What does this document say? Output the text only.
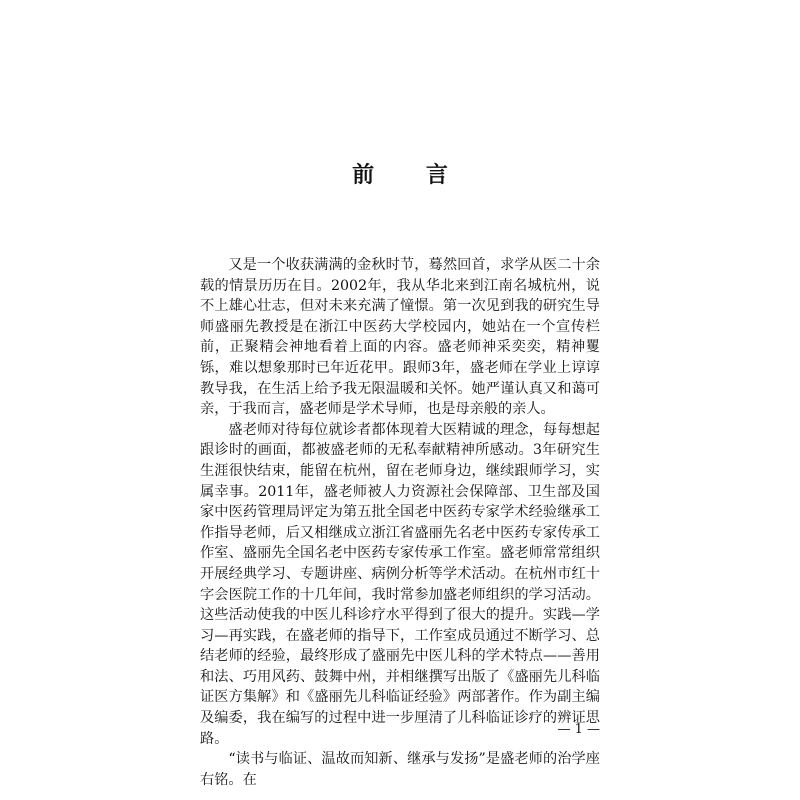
前 言

又是一个收获满满的金秋时节，蓦然回首，求学从医二十余载的情景历历在目。2002年，我从华北来到江南名城杭州，说不上雄心壮志，但对未来充满了憧憬。第一次见到我的研究生导师盛丽先教授是在浙江中医药大学校园内，她站在一个宣传栏前，正聚精会神地看着上面的内容。盛老师神采奕奕，精神矍铄，难以想象那时已年近花甲。跟师3年，盛老师在学业上谆谆教导我，在生活上给予我无限温暖和关怀。她严谨认真又和蔼可亲，于我而言，盛老师是学术导师，也是母亲般的亲人。

盛老师对待每位就诊者都体现着大医精诚的理念，每每想起跟诊时的画面，都被盛老师的无私奉献精神所感动。3年研究生生涯很快结束，能留在杭州，留在老师身边，继续跟师学习，实属幸事。2011年，盛老师被人力资源社会保障部、卫生部及国家中医药管理局评定为第五批全国老中医药专家学术经验继承工作指导老师，后又相继成立浙江省盛丽先名老中医药专家传承工作室、盛丽先全国名老中医药专家传承工作室。盛老师常常组织开展经典学习、专题讲座、病例分析等学术活动。在杭州市红十字会医院工作的十几年间，我时常参加盛老师组织的学习活动。这些活动使我的中医儿科诊疗水平得到了很大的提升。实践—学习—再实践，在盛老师的指导下，工作室成员通过不断学习、总结老师的经验，最终形成了盛丽先中医儿科的学术特点——善用和法、巧用风药、鼓舞中州，并相继撰写出版了《盛丽先儿科临证医方集解》和《盛丽先儿科临证经验》两部著作。作为副主编及编委，我在编写的过程中进一步厘清了儿科临证诊疗的辨证思路。

“读书与临证、温故而知新、继承与发扬”是盛老师的治学座右铭。在

— 1 —
